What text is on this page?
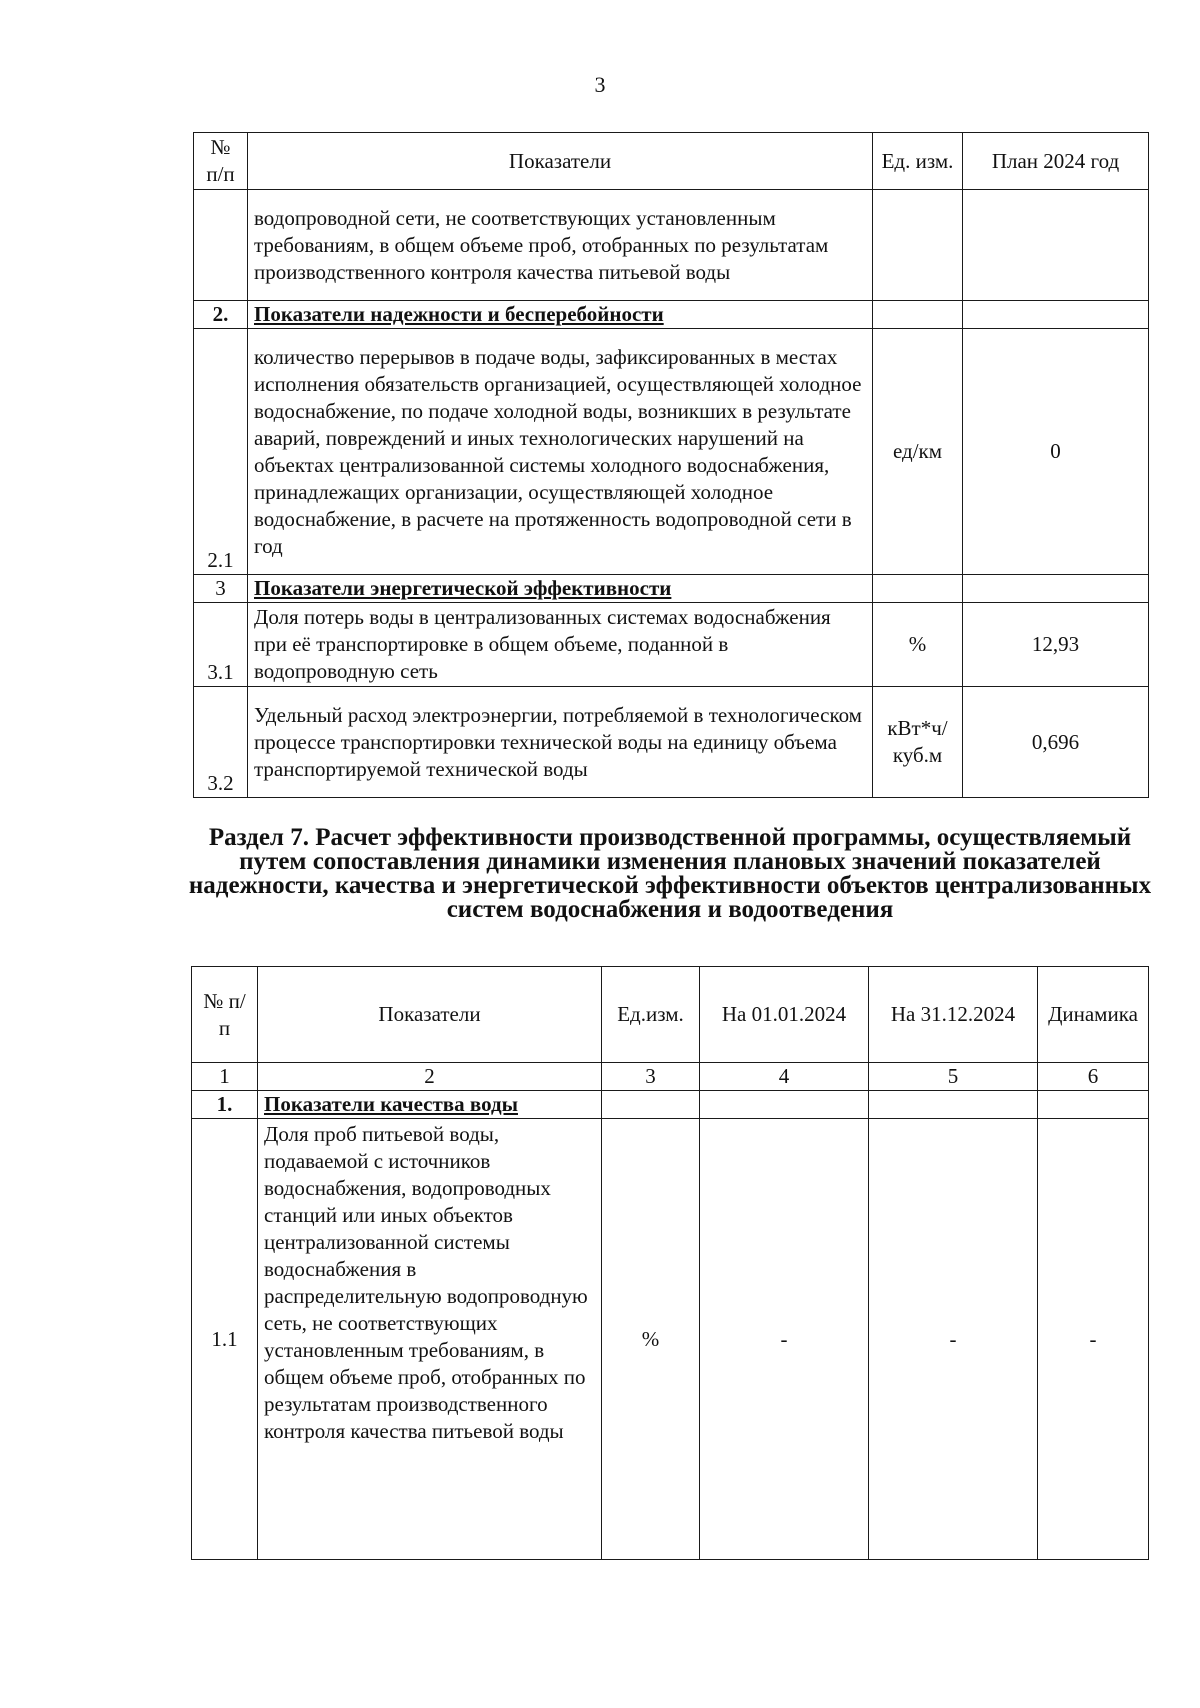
3
№ п/п	Показатели	Ед. изм.	План 2024 год
	водопроводной сети, не соответствующих установленным требованиям, в общем объеме проб, отобранных по результатам производственного контроля качества питьевой воды		
2.	Показатели надежности и бесперебойности		
2.1	количество перерывов в подаче воды, зафиксированных в местах исполнения обязательств организацией, осуществляющей холодное водоснабжение, по подаче холодной воды, возникших в результате аварий, повреждений и иных технологических нарушений на объектах централизованной системы холодного водоснабжения, принадлежащих организации, осуществляющей холодное водоснабжение, в расчете на протяженность водопроводной сети в год	ед/км	0
3	Показатели энергетической эффективности		
3.1	Доля потерь воды в централизованных системах водоснабжения при её транспортировке в общем объеме, поданной в водопроводную сеть	%	12,93
3.2	Удельный расход электроэнергии, потребляемой в технологическом процессе транспортировки технической воды на единицу объема транспортируемой технической воды	кВт*ч/ куб.м	0,696
Раздел 7. Расчет эффективности производственной программы, осуществляемый путем сопоставления динамики изменения плановых значений показателей надежности, качества и энергетической эффективности объектов централизованных систем водоснабжения и водоотведения
№ п/п	Показатели	Ед.изм.	На 01.01.2024	На 31.12.2024	Динамика
1	2	3	4	5	6
1.	Показатели качества воды				
1.1	Доля проб питьевой воды, подаваемой с источников водоснабжения, водопроводных станций или иных объектов централизованной системы водоснабжения в распределительную водопроводную сеть, не соответствующих установленным требованиям, в общем объеме проб, отобранных по результатам производственного контроля качества питьевой воды	%	-	-	-
